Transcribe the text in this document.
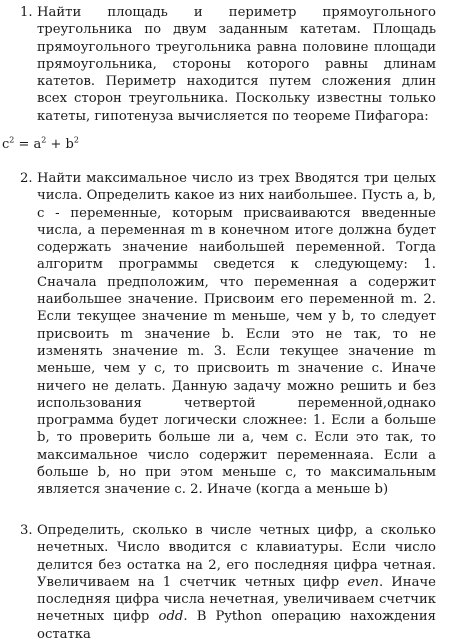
1. Найти площадь и периметр прямоугольного треугольника по двум заданным катетам. Площадь прямоугольного треугольника равна половине площади прямоугольника, стороны которого равны длинам катетов. Периметр находится путем сложения длин всех сторон треугольника. Поскольку известны только катеты, гипотенуза вычисляется по теореме Пифагора:
$c^2 = a^2 + b^2$
2. Найти максимальное число из трех Вводятся три целых числа. Определить какое из них наибольшее. Пусть a, b, c - переменные, которым присваиваются введенные числа, а переменная m в конечном итоге должна будет содержать значение наибольшей переменной. Тогда алгоритм программы сведется к следующему: 1. Сначала предположим, что переменная a содержит наибольшее значение. Присвоим его переменной m. 2. Если текущее значение m меньше, чем у b, то следует присвоить m значение b. Если это не так, то не изменять значение m. 3. Если текущее значение m меньше, чем у c, то присвоить m значение c. Иначе ничего не делать. Данную задачу можно решить и без использования четвертой переменной,однако программа будет логически сложнее: 1. Если a больше b, то проверить больше ли a, чем c. Если это так, то максимальное число содержит переменнаяa. Если a больше b, но при этом меньше c, то максимальным является значение c. 2. Иначе (когда a меньше b)
3. Определить, сколько в числе четных цифр, а сколько нечетных. Число вводится с клавиатуры. Если число делится без остатка на 2, его последняя цифра четная. Увеличиваем на 1 счетчик четных цифр even. Иначе последняя цифра числа нечетная, увеличиваем счетчик нечетных цифр odd. В Python операцию нахождения остатка
